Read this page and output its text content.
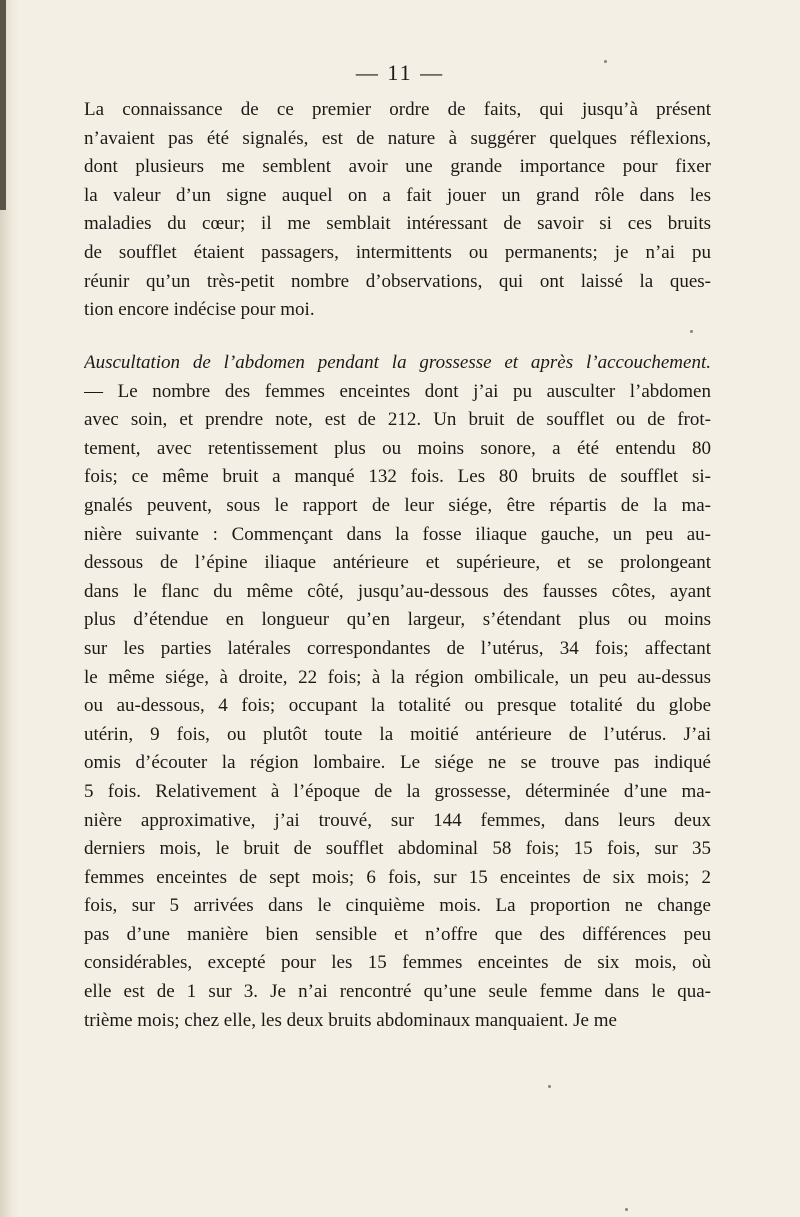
— 11 —
La connaissance de ce premier ordre de faits, qui jusqu’à présent
n’avaient pas été signalés, est de nature à suggérer quelques réflexions,
dont plusieurs me semblent avoir une grande importance pour fixer
la valeur d’un signe auquel on a fait jouer un grand rôle dans les
maladies du cœur; il me semblait intéressant de savoir si ces bruits
de soufflet étaient passagers, intermittents ou permanents; je n’ai pu
réunir qu’un très-petit nombre d’observations, qui ont laissé la ques-
tion encore indécise pour moi.
Auscultation de l’abdomen pendant la grossesse et après l’accouchement.
— Le nombre des femmes enceintes dont j’ai pu ausculter l’abdomen
avec soin, et prendre note, est de 212. Un bruit de soufflet ou de frot-
tement, avec retentissement plus ou moins sonore, a été entendu 80
fois; ce même bruit a manqué 132 fois. Les 80 bruits de soufflet si-
gnalés peuvent, sous le rapport de leur siége, être répartis de la ma-
nière suivante : Commençant dans la fosse iliaque gauche, un peu au-
dessous de l’épine iliaque antérieure et supérieure, et se prolongeant
dans le flanc du même côté, jusqu’au-dessous des fausses côtes, ayant
plus d’étendue en longueur qu’en largeur, s’étendant plus ou moins
sur les parties latérales correspondantes de l’utérus, 34 fois; affectant
le même siége, à droite, 22 fois; à la région ombilicale, un peu au-dessus
ou au-dessous, 4 fois; occupant la totalité ou presque totalité du globe
utérin, 9 fois, ou plutôt toute la moitié antérieure de l’utérus. J’ai
omis d’écouter la région lombaire. Le siége ne se trouve pas indiqué
5 fois. Relativement à l’époque de la grossesse, déterminée d’une ma-
nière approximative, j’ai trouvé, sur 144 femmes, dans leurs deux
derniers mois, le bruit de soufflet abdominal 58 fois; 15 fois, sur 35
femmes enceintes de sept mois; 6 fois, sur 15 enceintes de six mois; 2
fois, sur 5 arrivées dans le cinquième mois. La proportion ne change
pas d’une manière bien sensible et n’offre que des différences peu
considérables, excepté pour les 15 femmes enceintes de six mois, où
elle est de 1 sur 3. Je n’ai rencontré qu’une seule femme dans le qua-
trième mois; chez elle, les deux bruits abdominaux manquaient. Je me
